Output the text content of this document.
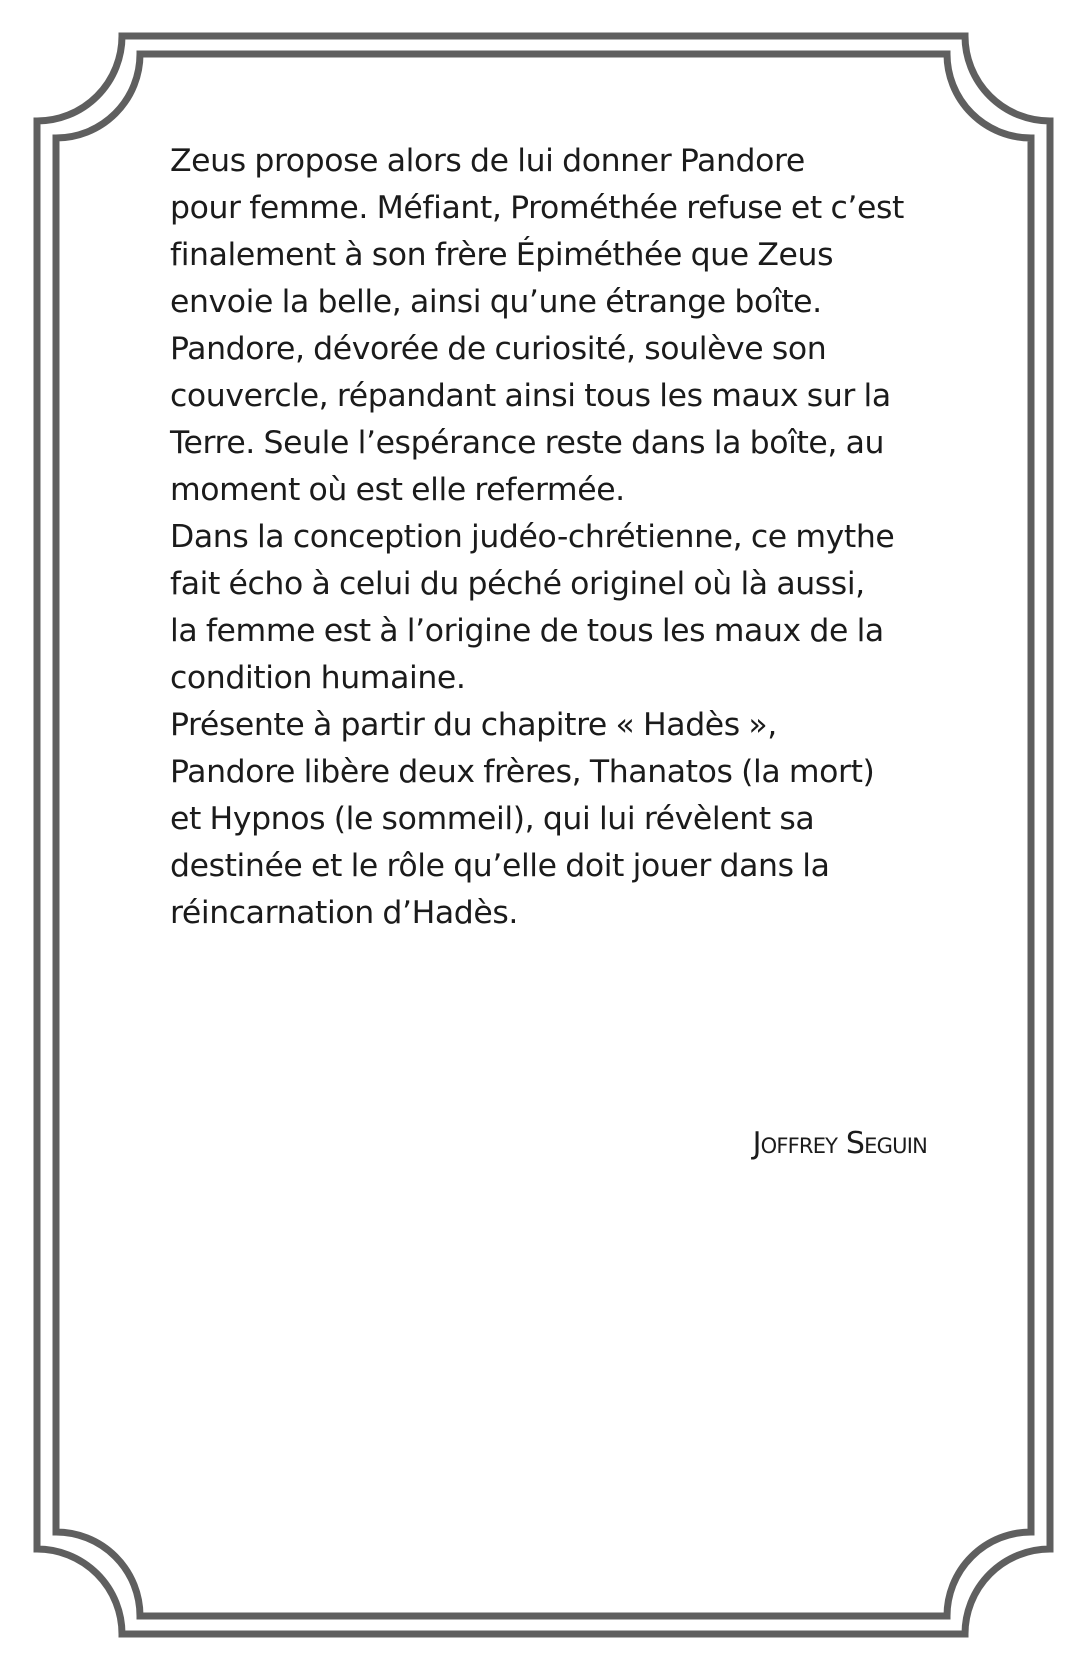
Zeus propose alors de lui donner Pandore
pour femme. Méfiant, Prométhée refuse et c’est
finalement à son frère Épiméthée que Zeus
envoie la belle, ainsi qu’une étrange boîte.
Pandore, dévorée de curiosité, soulève son
couvercle, répandant ainsi tous les maux sur la
Terre. Seule l’espérance reste dans la boîte, au
moment où est elle refermée.
Dans la conception judéo-chrétienne, ce mythe
fait écho à celui du péché originel où là aussi,
la femme est à l’origine de tous les maux de la
condition humaine.
Présente à partir du chapitre « Hadès »,
Pandore libère deux frères, Thanatos (la mort)
et Hypnos (le sommeil), qui lui révèlent sa
destinée et le rôle qu’elle doit jouer dans la
réincarnation d’Hadès.
Joffrey Seguin
